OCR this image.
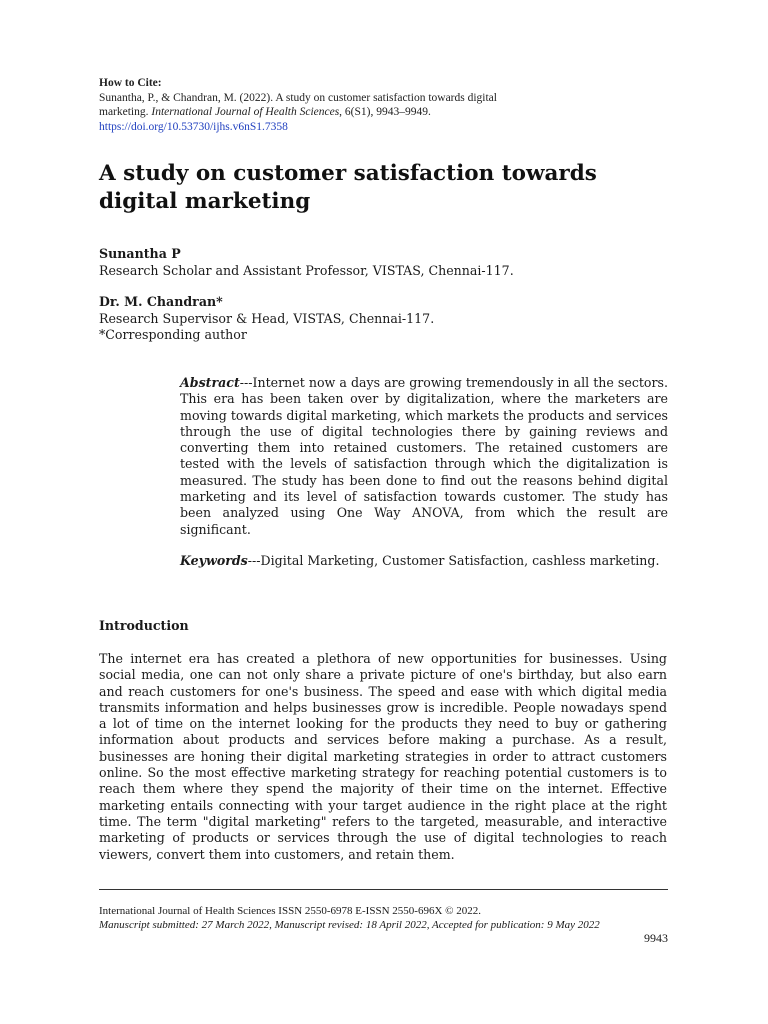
How to Cite:
Sunantha, P., & Chandran, M. (2022). A study on customer satisfaction towards digital
marketing. International Journal of Health Sciences, 6(S1), 9943–9949.
https://doi.org/10.53730/ijhs.v6nS1.7358
A study on customer satisfaction towards digital marketing
Sunantha P
Research Scholar and Assistant Professor, VISTAS, Chennai-117.
Dr. M. Chandran*
Research Supervisor & Head, VISTAS, Chennai-117.
*Corresponding author
Abstract---Internet now a days are growing tremendously in all the sectors. This era has been taken over by digitalization, where the marketers are moving towards digital marketing, which markets the products and services through the use of digital technologies there by gaining reviews and converting them into retained customers. The retained customers are tested with the levels of satisfaction through which the digitalization is measured. The study has been done to find out the reasons behind digital marketing and its level of satisfaction towards customer. The study has been analyzed using One Way ANOVA, from which the result are significant.
Keywords---Digital Marketing, Customer Satisfaction, cashless marketing.
Introduction
The internet era has created a plethora of new opportunities for businesses. Using social media, one can not only share a private picture of one's birthday, but also earn and reach customers for one's business. The speed and ease with which digital media transmits information and helps businesses grow is incredible. People nowadays spend a lot of time on the internet looking for the products they need to buy or gathering information about products and services before making a purchase. As a result, businesses are honing their digital marketing strategies in order to attract customers online. So the most effective marketing strategy for reaching potential customers is to reach them where they spend the majority of their time on the internet. Effective marketing entails connecting with your target audience in the right place at the right time. The term "digital marketing" refers to the targeted, measurable, and interactive marketing of products or services through the use of digital technologies to reach viewers, convert them into customers, and retain them.
International Journal of Health Sciences ISSN 2550-6978 E-ISSN 2550-696X © 2022.
Manuscript submitted: 27 March 2022, Manuscript revised: 18 April 2022, Accepted for publication: 9 May 2022
9943
